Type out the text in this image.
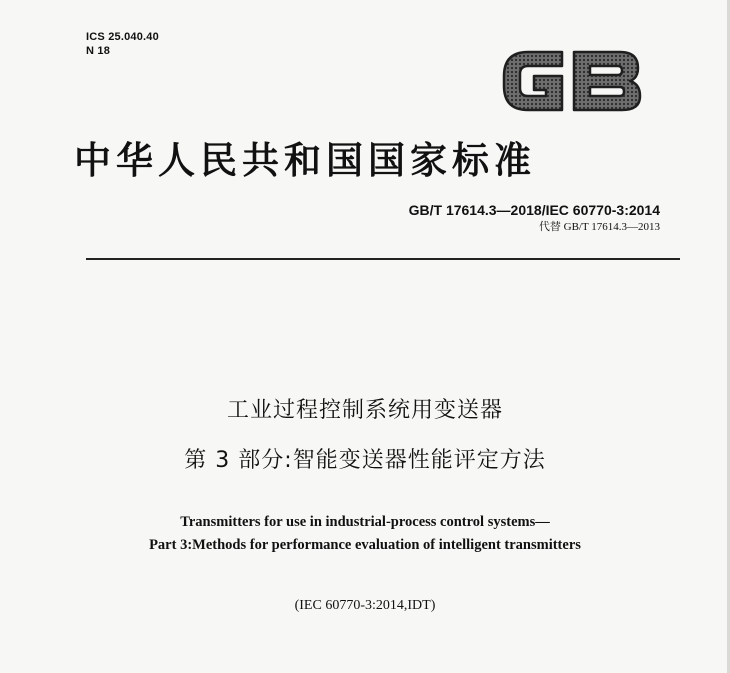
ICS 25.040.40
N 18
中华人民共和国国家标准
GB/T 17614.3—2018/IEC 60770-3:2014
代替 GB/T 17614.3—2013
工业过程控制系统用变送器
第 3 部分:智能变送器性能评定方法
Transmitters for use in industrial-process control systems—
Part 3:Methods for performance evaluation of intelligent transmitters
(IEC 60770-3:2014,IDT)
